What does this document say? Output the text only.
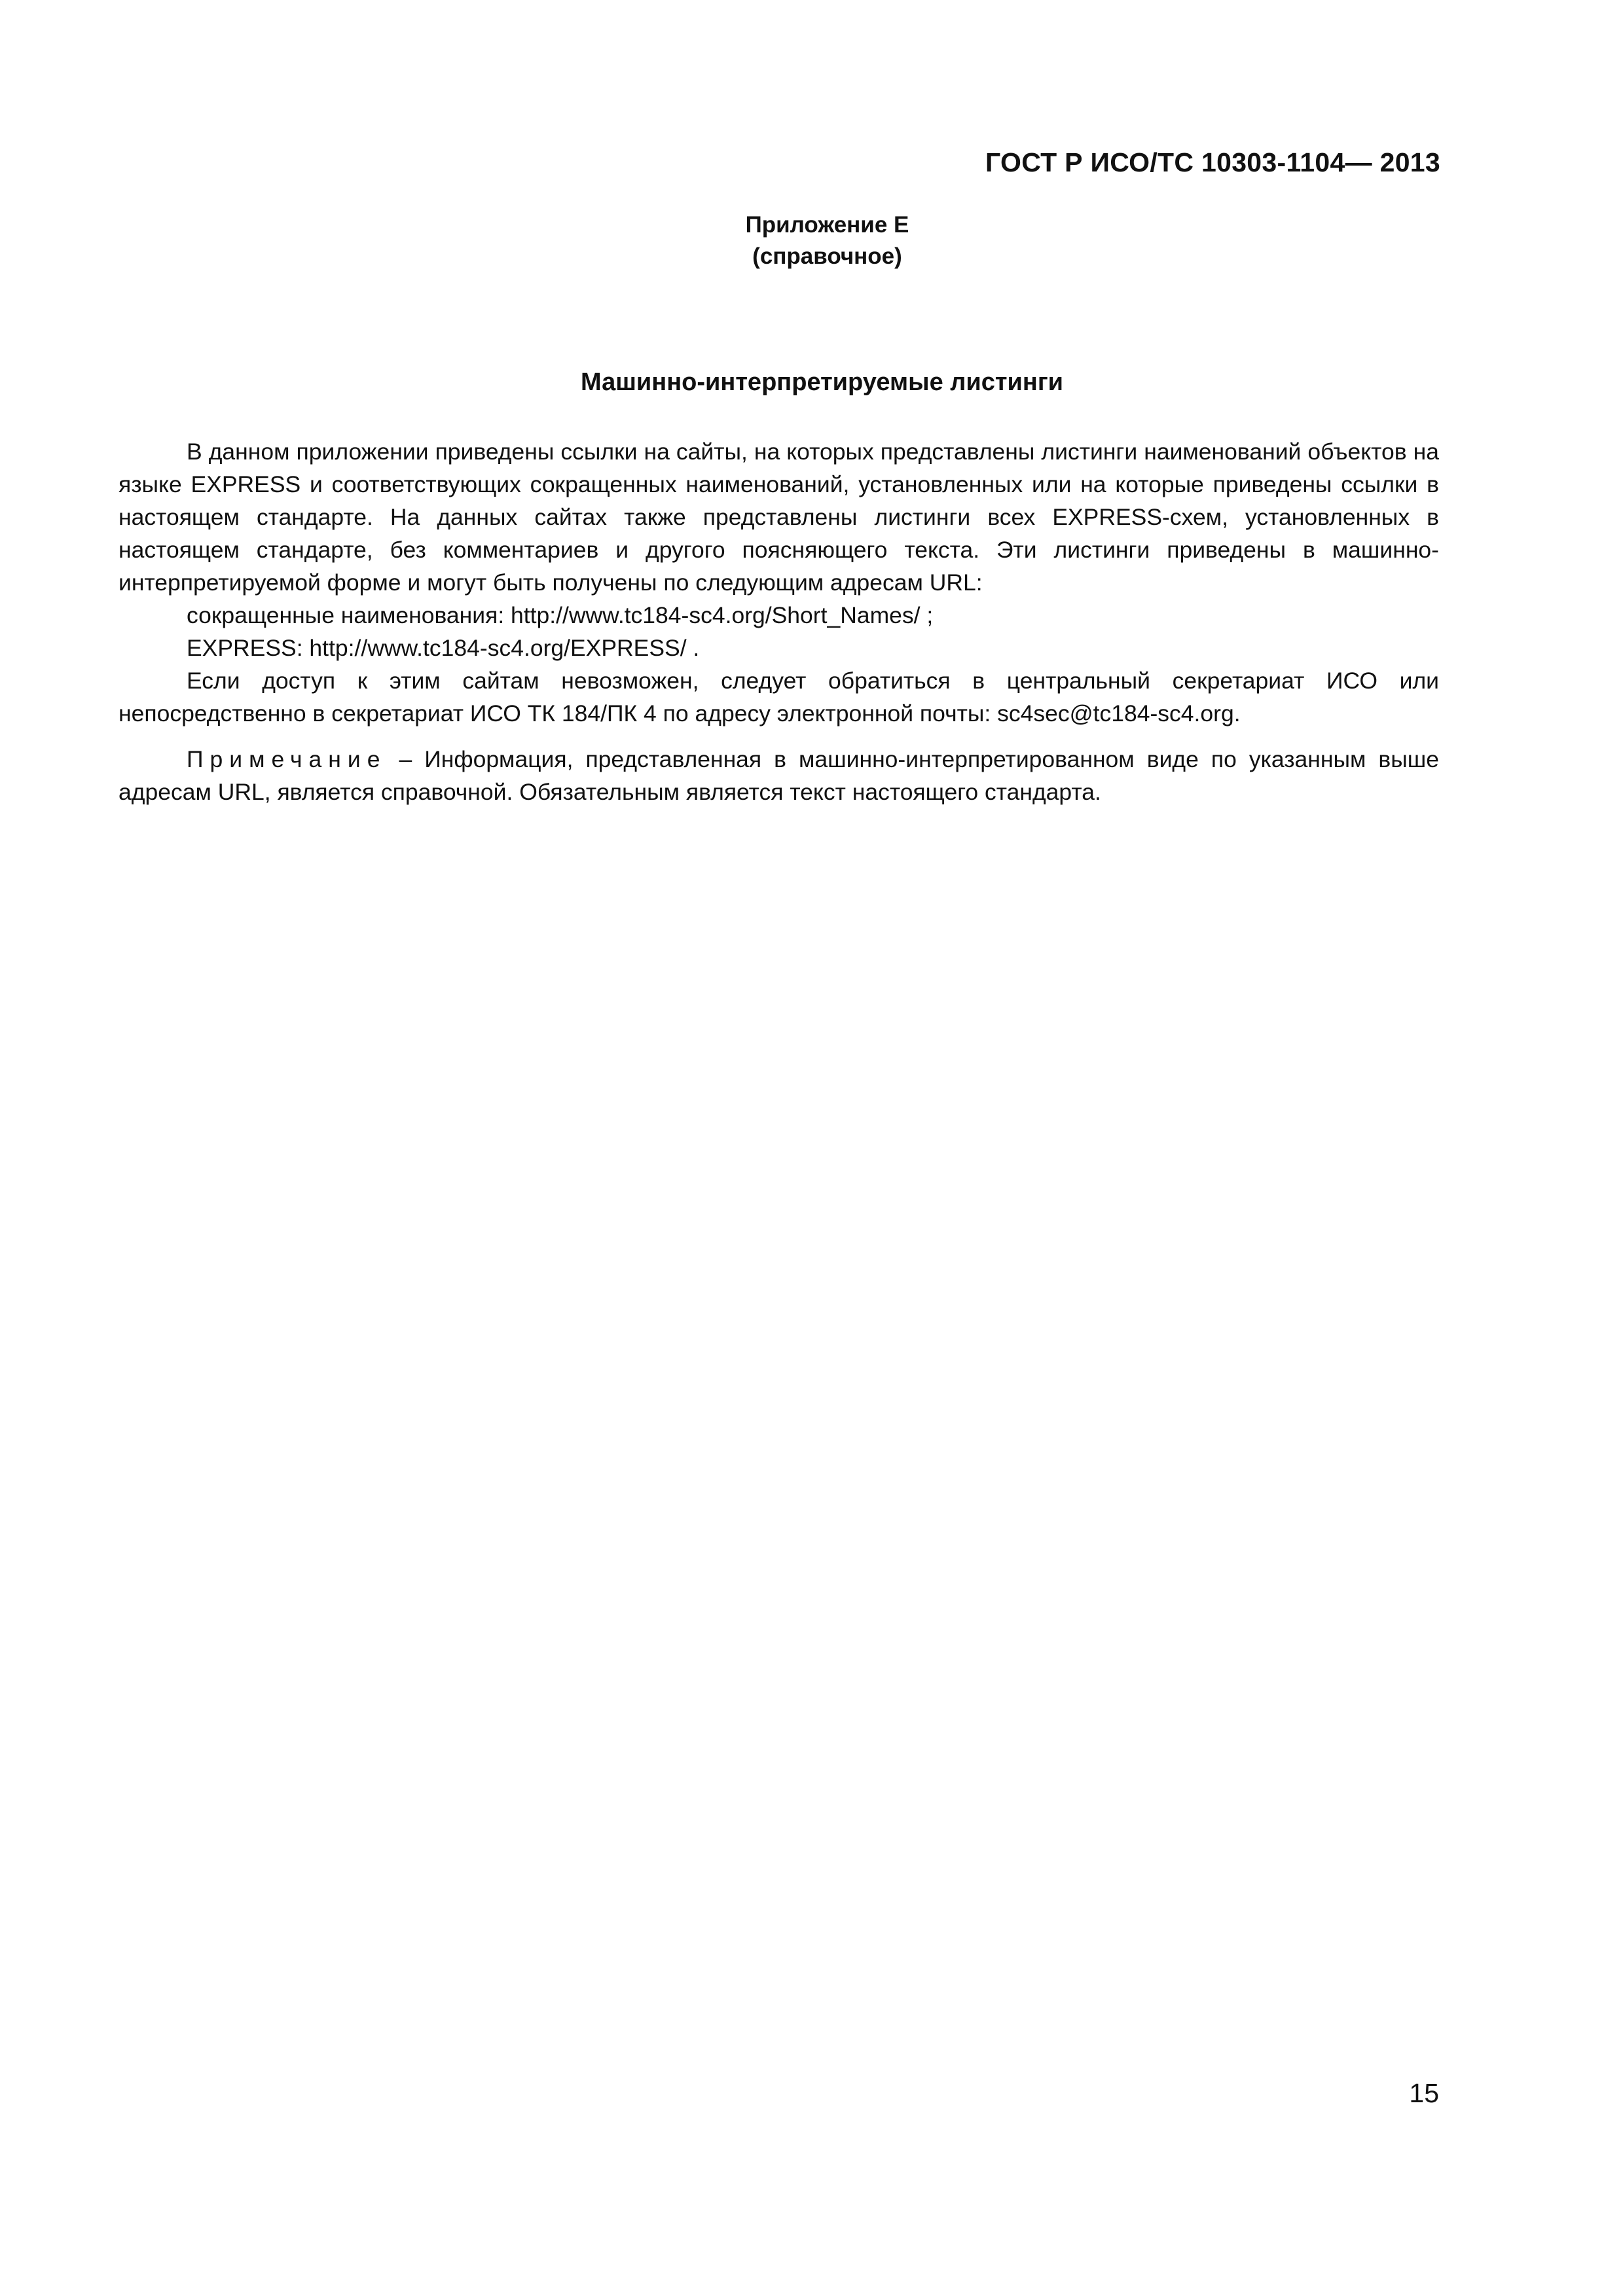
ГОСТ Р ИСО/ТС 10303-1104— 2013
Приложение Е
(справочное)
Машинно-интерпретируемые листинги

В данном приложении приведены ссылки на сайты, на которых представлены листинги наименований объектов на языке EXPRESS и соответствующих сокращенных наименований, установленных или на которые приведены ссылки в настоящем стандарте. На данных сайтах также представлены листинги всех EXPRESS-схем, установленных в настоящем стандарте, без комментариев и другого поясняющего текста. Эти листинги приведены в машинно-интерпретируемой форме и могут быть получены по следующим адресам URL:

сокращенные наименования: http://www.tc184-sc4.org/Short_Names/ ;

EXPRESS: http://www.tc184-sc4.org/EXPRESS/ .

Если доступ к этим сайтам невозможен, следует обратиться в центральный секретариат ИСО или непосредственно в секретариат ИСО ТК 184/ПК 4 по адресу электронной почты: sc4sec@tc184-sc4.org.

Примечание – Информация, представленная в машинно-интерпретированном виде по указанным выше адресам URL, является справочной. Обязательным является текст настоящего стандарта.

15
